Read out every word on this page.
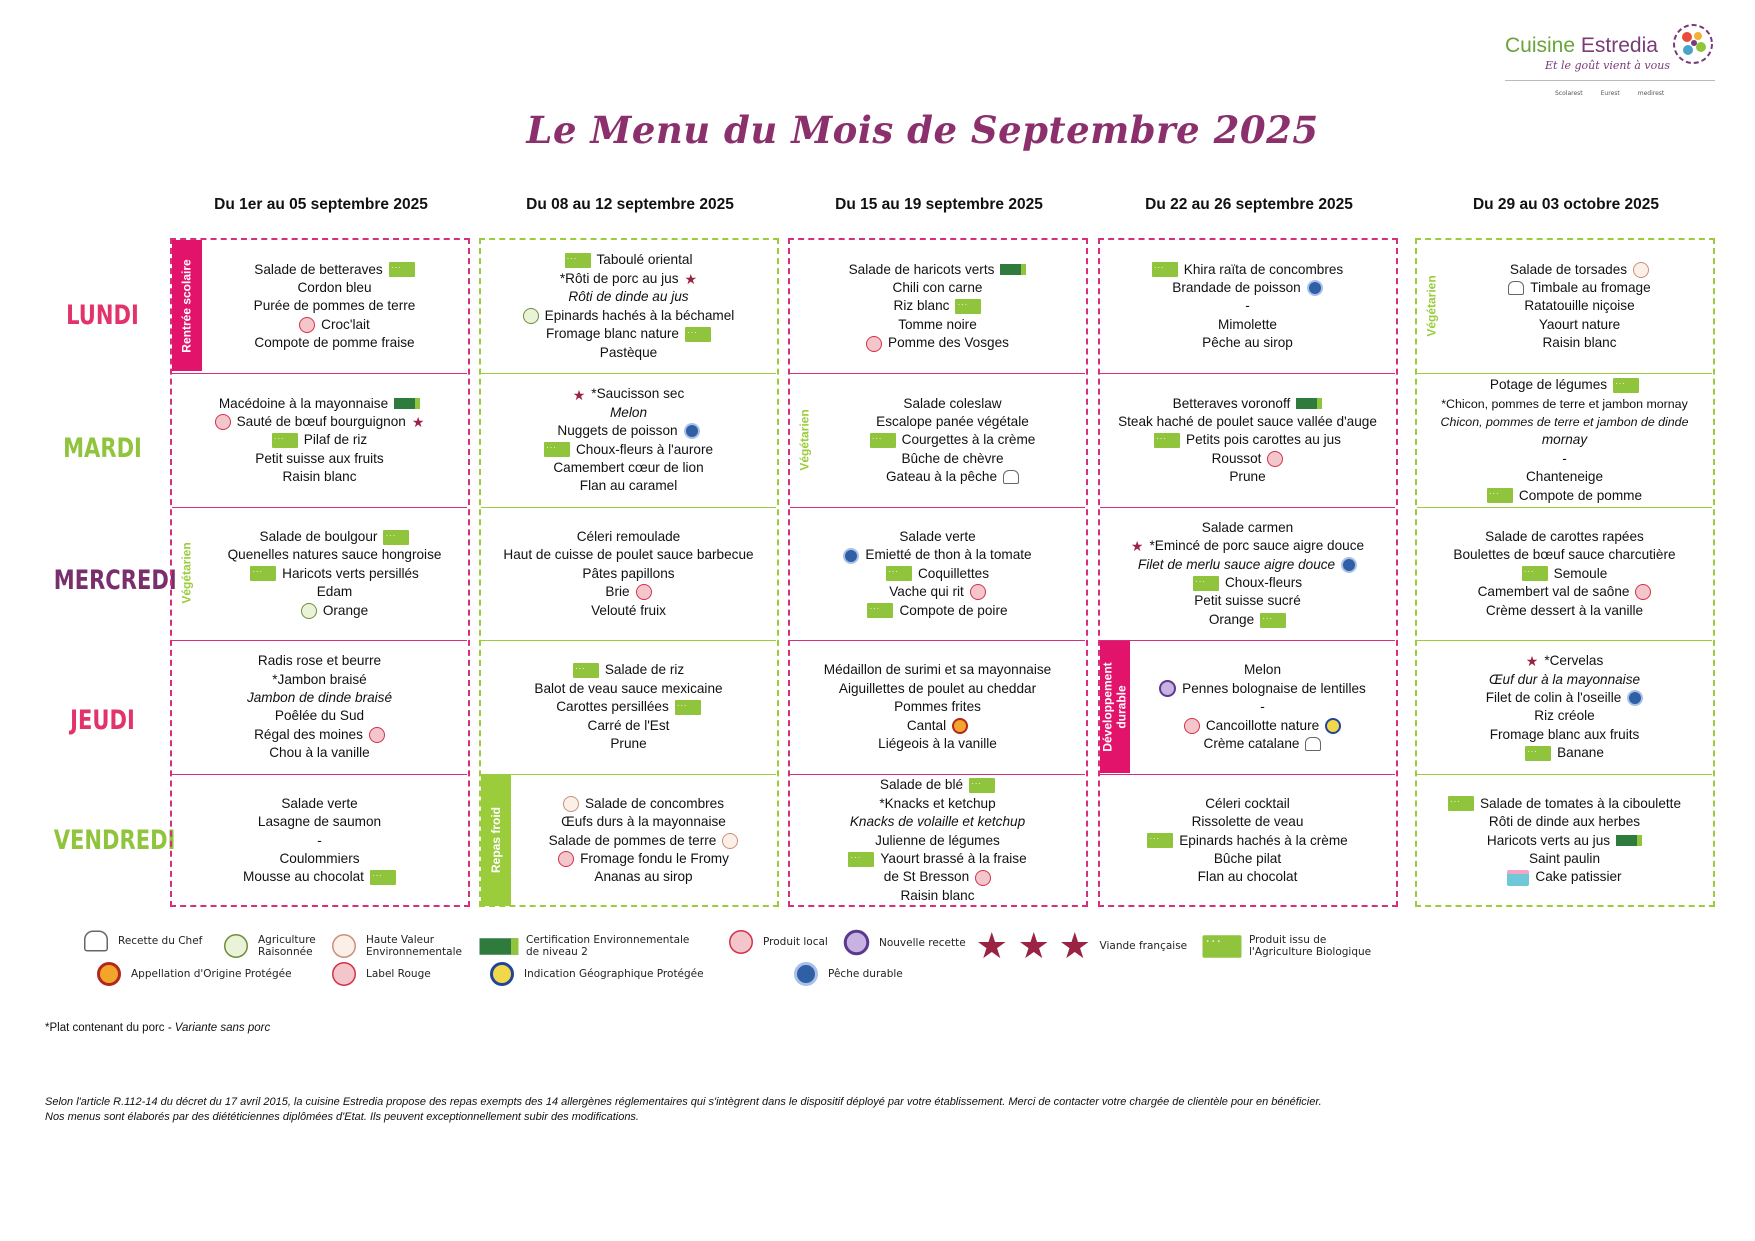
Cuisine Estredia
Et le goût vient à vous
Scolarest	Eurest	medirest
Le Menu du Mois de Septembre 2025
Du 1er au 05 septembre 2025	Du 08 au 12 septembre 2025	Du 15 au 19 septembre 2025	Du 22 au 26 septembre 2025	Du 29 au 03 octobre 2025
LUNDI
MARDI
MERCREDI
JEUDI
VENDREDI
Rentrée scolaire	Salade de betteraves
· · ·
Cordon bleu
Purée de pommes de terre
Croc'lait
Compote de pomme fraise
Macédoine à la mayonnaise
Sauté de bœuf bourguignon ★
· · ·
Pilaf de riz
Petit suisse aux fruits
Raisin blanc
Végétarien
Salade de boulgour
· · ·
Quenelles natures sauce hongroise
· · ·
Haricots verts persillés
Edam
Orange
Radis rose et beurre
*Jambon braisé
Jambon de dinde braisé
Poêlée du Sud
Régal des moines
Chou à la vanille
Salade verte
Lasagne de saumon
-
Coulommiers
Mousse au chocolat
· · ·
· · ·
Taboulé oriental
*Rôti de porc au jus ★
Rôti de dinde au jus
Epinards hachés à la béchamel
Fromage blanc nature
· · ·
Pastèque
★ *Saucisson sec
Melon
Nuggets de poisson
· · ·
Choux-fleurs à l'aurore
Camembert cœur de lion
Flan au caramel
Céleri remoulade
Haut de cuisse de poulet sauce barbecue
Pâtes papillons
Brie
Velouté fruix
· · ·
Salade de riz
Balot de veau sauce mexicaine
Carottes persillées
· · ·
Carré de l'Est
Prune
Repas froid
Salade de concombres
Œufs durs à la mayonnaise
Salade de pommes de terre
Fromage fondu le Fromy
Ananas au sirop
Salade de haricots verts
Chili con carne
Riz blanc
· · ·
Tomme noire
Pomme des Vosges
Végétarien
Salade coleslaw
Escalope panée végétale
· · ·
Courgettes à la crème
Bûche de chèvre
Gateau à la pêche
Salade verte
Emietté de thon à la tomate
· · ·
Coquillettes
Vache qui rit
· · ·
Compote de poire
Médaillon de surimi et sa mayonnaise
Aiguillettes de poulet au cheddar
Pommes frites
Cantal
Liégeois à la vanille
Salade de blé
· · ·
*Knacks et ketchup
Knacks de volaille et ketchup
Julienne de légumes
· · ·
Yaourt brassé à la fraise
de St Bresson
Raisin blanc
· · ·
Khira raïta de concombres
Brandade de poisson
-
Mimolette
Pêche au sirop
Betteraves voronoff
Steak haché de poulet sauce vallée d'auge
· · ·
Petits pois carottes au jus
Roussot
Prune
Salade carmen
★ *Emincé de porc sauce aigre douce
Filet de merlu sauce aigre douce
· · ·
Choux-fleurs
Petit suisse sucré
Orange
· · ·
Développement durable
Melon
Pennes bolognaise de lentilles
-
Cancoillotte nature
Crème catalane
Céleri cocktail
Rissolette de veau
· · ·
Epinards hachés à la crème
Bûche pilat
Flan au chocolat
Végétarien
Salade de torsades
Timbale au fromage
Ratatouille niçoise
Yaourt nature
Raisin blanc
Potage de légumes
· · ·
*Chicon, pommes de terre et jambon mornay
Chicon, pommes de terre et jambon de dinde
mornay
-
Chanteneige
· · ·
Compote de pomme
Salade de carottes rapées
Boulettes de bœuf sauce charcutière
· · ·
Semoule
Camembert val de saône
Crème dessert à la vanille
★ *Cervelas
Œuf dur à la mayonnaise
Filet de colin à l'oseille
Riz créole
Fromage blanc aux fruits
· · ·
Banane
· · ·
Salade de tomates à la ciboulette
Rôti de dinde aux herbes
Haricots verts au jus
Saint paulin
Cake patissier
Recette du Chef	Agriculture
Raisonnée
Haute Valeur
Environnementale
Certification Environnementale
de niveau 2
Produit local	Nouvelle recette ★ ★ ★ Viande française
· · ·	Produit issu de
l'Agriculture Biologique
Appellation d'Origine Protégée	Label Rouge	Indication Géographique Protégée	Pêche durable
*Plat contenant du porc - Variante sans porc
Selon l'article R.112-14 du décret du 17 avril 2015, la cuisine Estredia propose des repas exempts des 14 allergènes réglementaires qui s'intègrent dans le dispositif déployé par votre établissement. Merci de contacter votre chargée de clientèle pour en bénéficier.
Nos menus sont élaborés par des diététiciennes diplômées d'Etat. Ils peuvent exceptionnellement subir des modifications.
